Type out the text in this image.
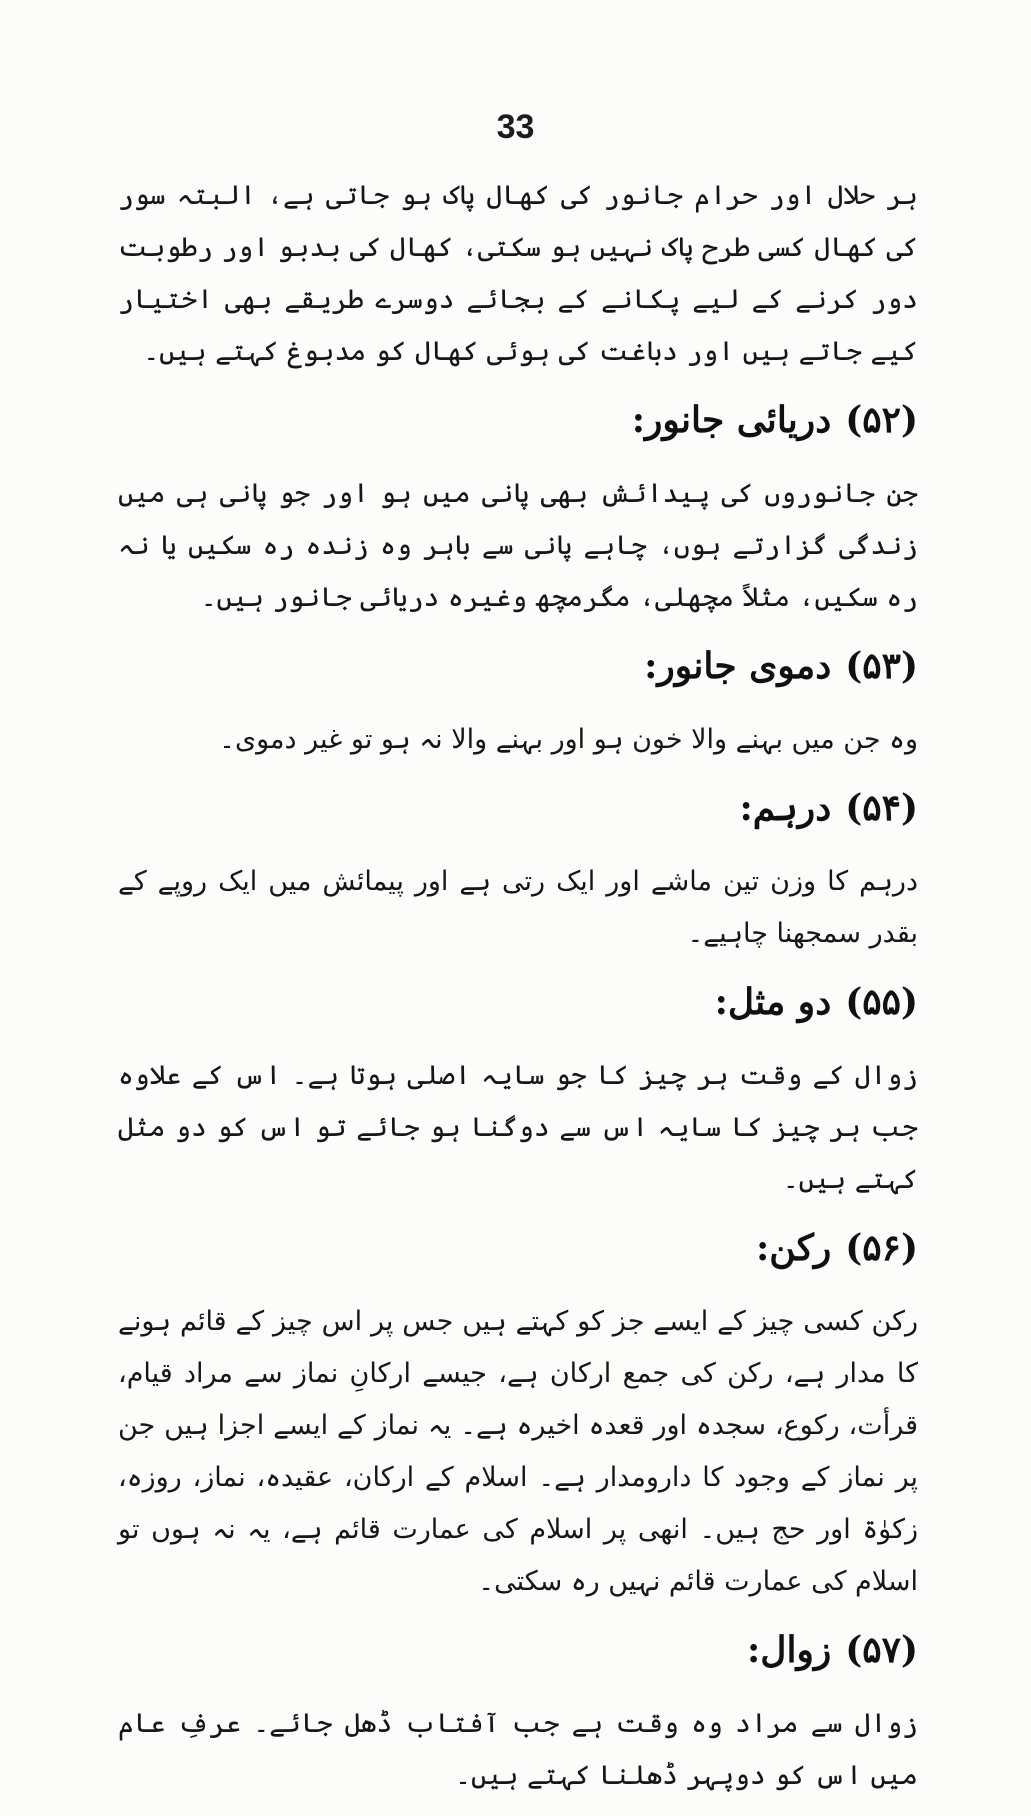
33

ہر حلال اور حرام جانور کی کھال پاک ہو جاتی ہے، البتہ سور کی کھال کسی طرح پاک نہیں ہو سکتی، کھال کی بدبو اور رطوبت دور کرنے کے لیے پکانے کے بجائے دوسرے طریقے بھی اختیار کیے جاتے ہیں اور دباغت کی ہوئی کھال کو مدبوغ کہتے ہیں۔

(۵۲)دریائی جانور:

جن جانوروں کی پیدائش بھی پانی میں ہو اور جو پانی ہی میں زندگی گزارتے ہوں، چاہے پانی سے باہر وہ زندہ رہ سکیں یا نہ رہ سکیں، مثلاً مچھلی، مگرمچھ وغیرہ دریائی جانور ہیں۔

(۵۳)دموی جانور:

وہ جن میں بہنے والا خون ہو اور بہنے والا نہ ہو تو غیر دموی۔

(۵۴)درہم:

درہم کا وزن تین ماشے اور ایک رتی ہے اور پیمائش میں ایک روپے کے بقدر سمجھنا چاہیے۔

(۵۵)دو مثل:

زوال کے وقت ہر چیز کا جو سایہ اصلی ہوتا ہے۔ اس کے علاوہ جب ہر چیز کا سایہ اس سے دوگنا ہو جائے تو اس کو دو مثل کہتے ہیں۔

(۵۶)رکن:

رکن کسی چیز کے ایسے جز کو کہتے ہیں جس پر اس چیز کے قائم ہونے کا مدار ہے، رکن کی جمع ارکان ہے، جیسے ارکانِ نماز سے مراد قیام، قرأت، رکوع، سجدہ اور قعدہ اخیرہ ہے۔ یہ نماز کے ایسے اجزا ہیں جن پر نماز کے وجود کا دارومدار ہے۔ اسلام کے ارکان، عقیدہ، نماز، روزہ، زکوٰۃ اور حج ہیں۔ انھی پر اسلام کی عمارت قائم ہے، یہ نہ ہوں تو اسلام کی عمارت قائم نہیں رہ سکتی۔

(۵۷)زوال:

زوال سے مراد وہ وقت ہے جب آفتاب ڈھل جائے۔ عرفِ عام میں اس کو دوپہر ڈھلنا کہتے ہیں۔
